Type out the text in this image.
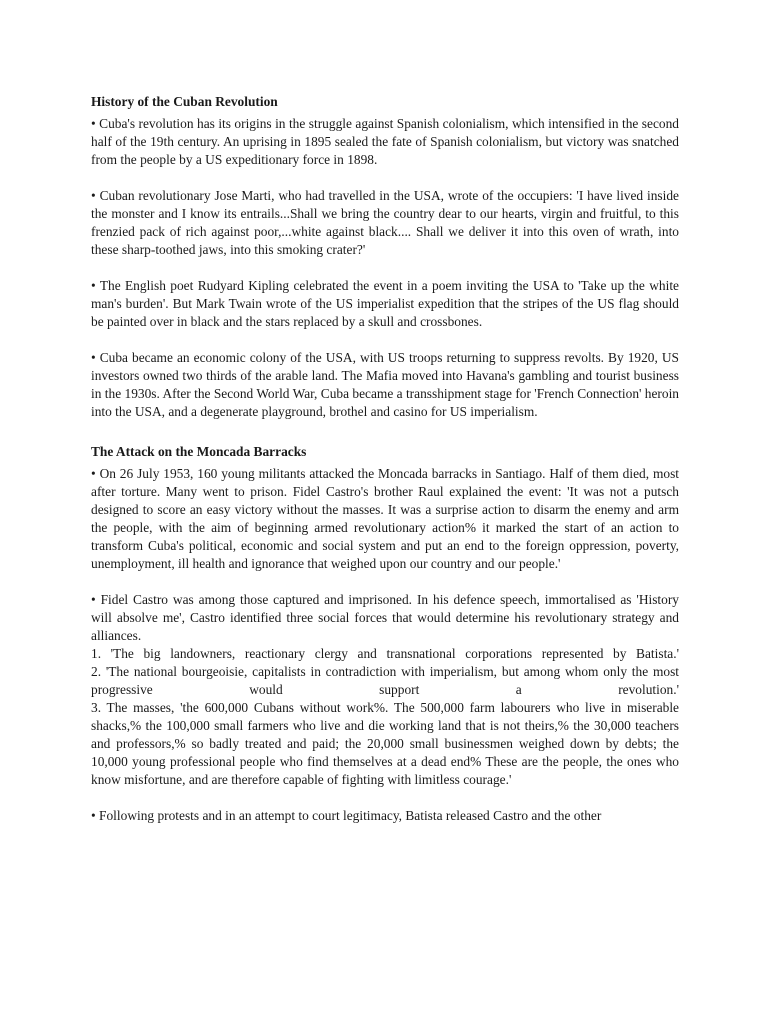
History of the Cuban Revolution

• Cuba's revolution has its origins in the struggle against Spanish colonialism, which intensified in the second half of the 19th century. An uprising in 1895 sealed the fate of Spanish colonialism, but victory was snatched from the people by a US expeditionary force in 1898.

• Cuban revolutionary Jose Marti, who had travelled in the USA, wrote of the occupiers: 'I have lived inside the monster and I know its entrails...Shall we bring the country dear to our hearts, virgin and fruitful, to this frenzied pack of rich against poor,...white against black.... Shall we deliver it into this oven of wrath, into these sharp-toothed jaws, into this smoking crater?'

• The English poet Rudyard Kipling celebrated the event in a poem inviting the USA to 'Take up the white man's burden'. But Mark Twain wrote of the US imperialist expedition that the stripes of the US flag should be painted over in black and the stars replaced by a skull and crossbones.

• Cuba became an economic colony of the USA, with US troops returning to suppress revolts. By 1920, US investors owned two thirds of the arable land. The Mafia moved into Havana's gambling and tourist business in the 1930s. After the Second World War, Cuba became a transshipment stage for 'French Connection' heroin into the USA, and a degenerate playground, brothel and casino for US imperialism.

The Attack on the Moncada Barracks

• On 26 July 1953, 160 young militants attacked the Moncada barracks in Santiago. Half of them died, most after torture. Many went to prison. Fidel Castro's brother Raul explained the event: 'It was not a putsch designed to score an easy victory without the masses. It was a surprise action to disarm the enemy and arm the people, with the aim of beginning armed revolutionary action% it marked the start of an action to transform Cuba's political, economic and social system and put an end to the foreign oppression, poverty, unemployment, ill health and ignorance that weighed upon our country and our people.'

• Fidel Castro was among those captured and imprisoned. In his defence speech, immortalised as 'History will absolve me', Castro identified three social forces that would determine his revolutionary strategy and alliances.
1. 'The big landowners, reactionary clergy and transnational corporations represented by Batista.'
2. 'The national bourgeoisie, capitalists in contradiction with imperialism, but among whom only the most progressive would support a revolution.'
3. The masses, 'the 600,000 Cubans without work%. The 500,000 farm labourers who live in miserable shacks,% the 100,000 small farmers who live and die working land that is not theirs,% the 30,000 teachers and professors,% so badly treated and paid; the 20,000 small businessmen weighed down by debts; the 10,000 young professional people who find themselves at a dead end% These are the people, the ones who know misfortune, and are therefore capable of fighting with limitless courage.'

• Following protests and in an attempt to court legitimacy, Batista released Castro and the other
